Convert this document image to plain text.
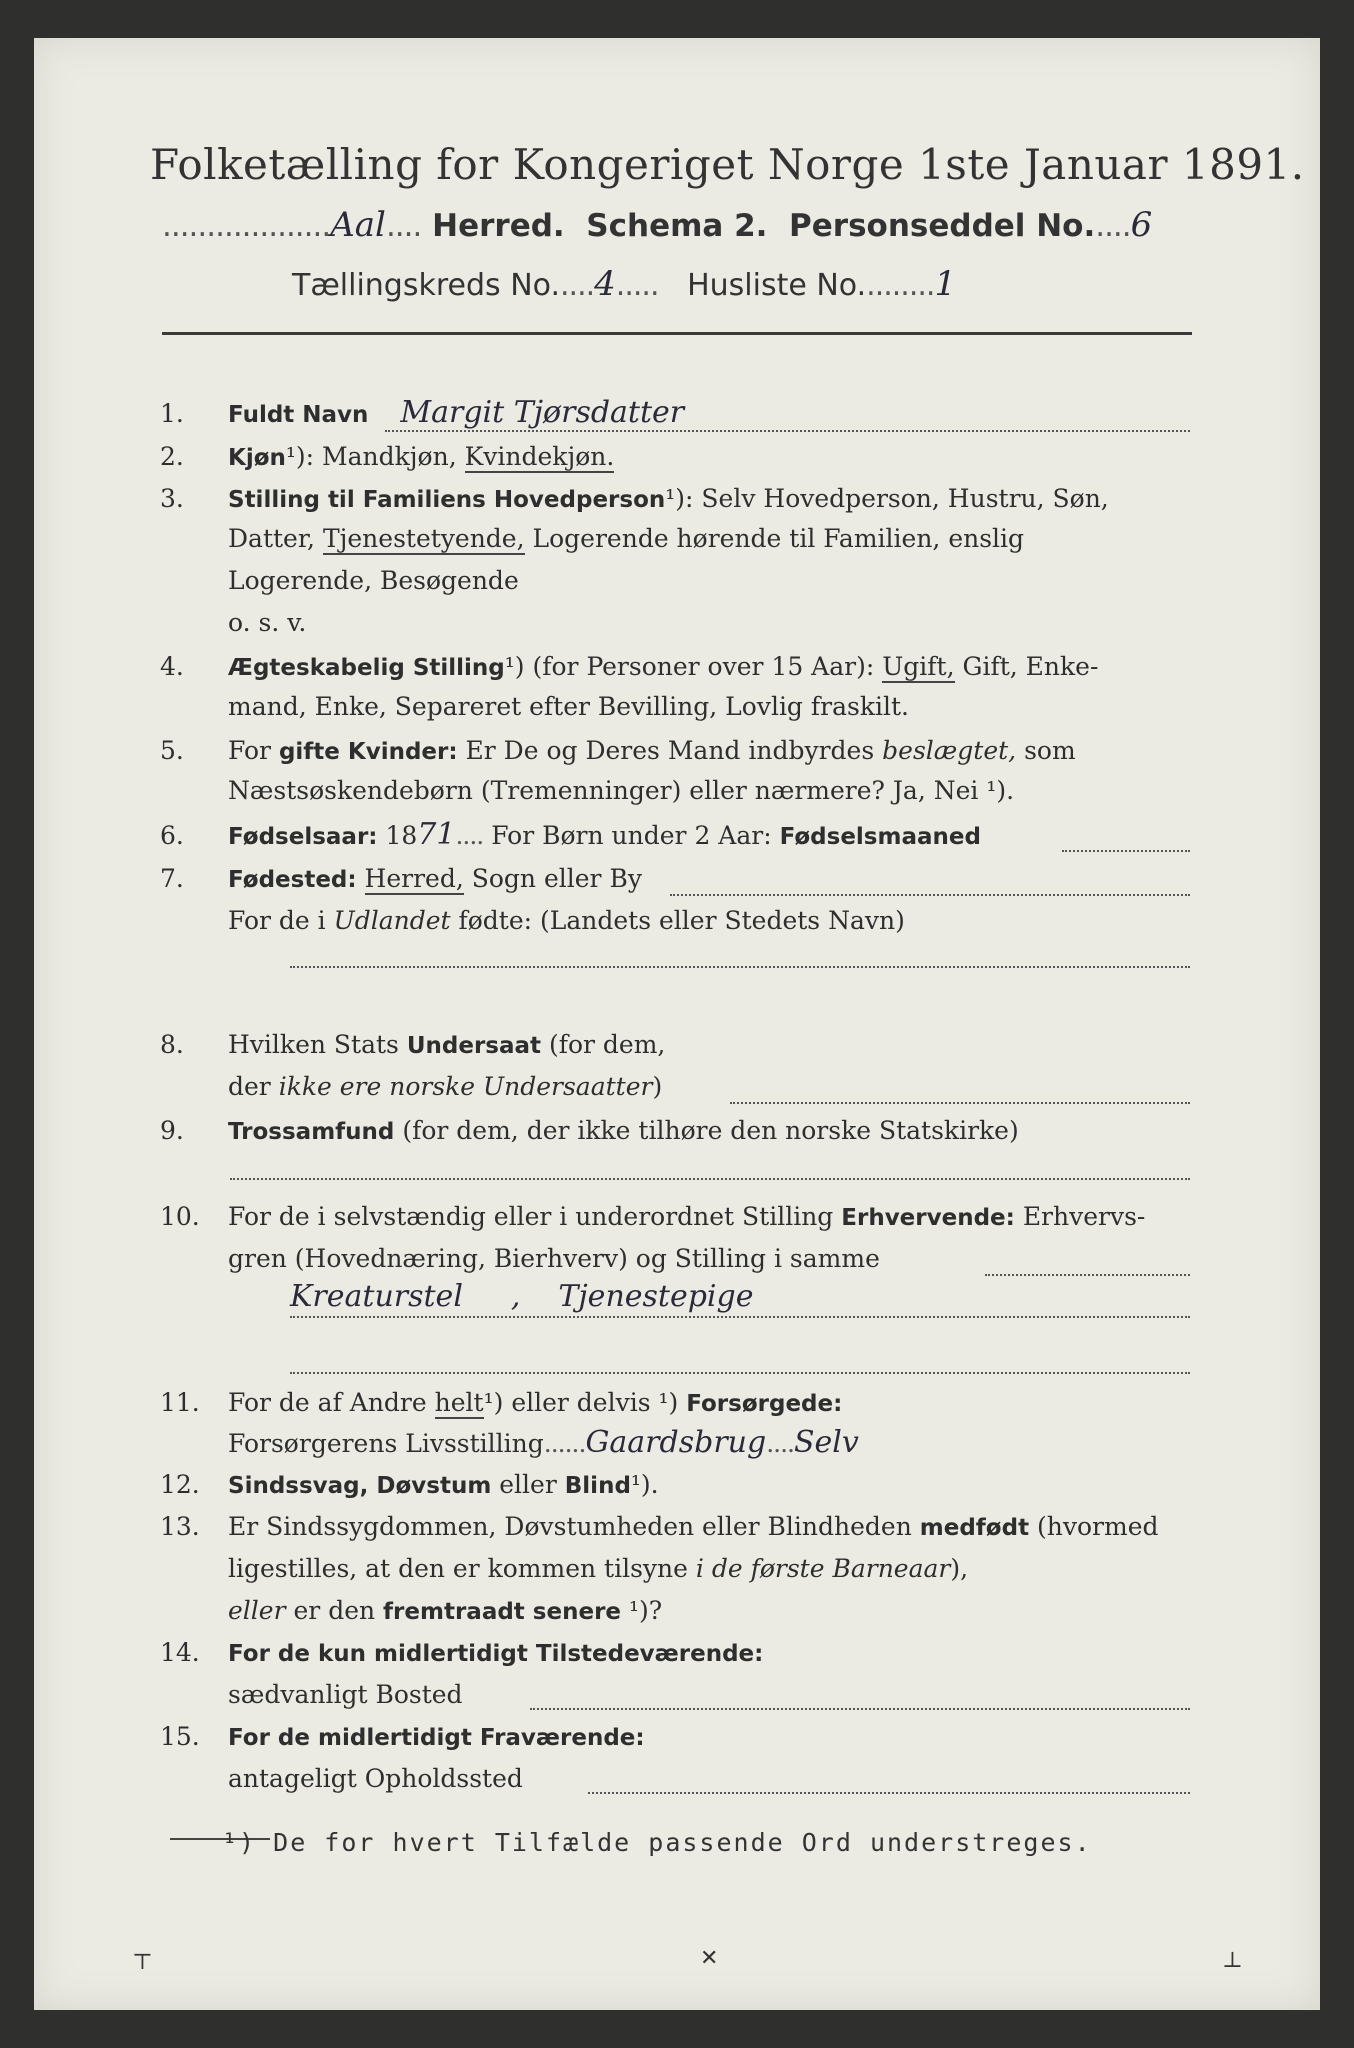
Folketælling for Kongeriget Norge 1ste Januar 1891.
...................Aal.... Herred. Schema 2. Personseddel No.....6
Tællingskreds No.....4..... Husliste No.........1
1. Fuldt Navn Margit Tjørsdatter
2. Kjøn¹): Mandkjøn, Kvindekjøn.
3. Stilling til Familiens Hovedperson¹): Selv Hovedperson, Hustru, Søn,
Datter, Tjenestetyende, Logerende hørende til Familien, enslig
Logerende, Besøgende
o. s. v.
4. Ægteskabelig Stilling¹) (for Personer over 15 Aar): Ugift, Gift, Enke-
mand, Enke, Separeret efter Bevilling, Lovlig fraskilt.
5. For gifte Kvinder: Er De og Deres Mand indbyrdes beslægtet, som
Næstsøskendebørn (Tremenninger) eller nærmere? Ja, Nei ¹).
6. Fødselsaar: 1871.... For Børn under 2 Aar: Fødselsmaaned
7. Fødested: Herred, Sogn eller By
For de i Udlandet fødte: (Landets eller Stedets Navn)
8. Hvilken Stats Undersaat (for dem,
der ikke ere norske Undersaatter)
9. Trossamfund (for dem, der ikke tilhøre den norske Statskirke)
10. For de i selvstændig eller i underordnet Stilling Erhvervende: Erhvervs-
gren (Hovednæring, Bierhverv) og Stilling i samme
Kreaturstel , Tjenestepige
11. For de af Andre helt¹) eller delvis ¹) Forsørgede:
Forsørgerens Livsstilling......Gaardsbrug....Selv
12. Sindssvag, Døvstum eller Blind¹).
13. Er Sindssygdommen, Døvstumheden eller Blindheden medfødt (hvormed
ligestilles, at den er kommen tilsyne i de første Barneaar),
eller er den fremtraadt senere ¹)?
14. For de kun midlertidigt Tilstedeværende:
sædvanligt Bosted
15. For de midlertidigt Fraværende:
antageligt Opholdssted
¹) De for hvert Tilfælde passende Ord understreges.
⊤	✕	⊥
